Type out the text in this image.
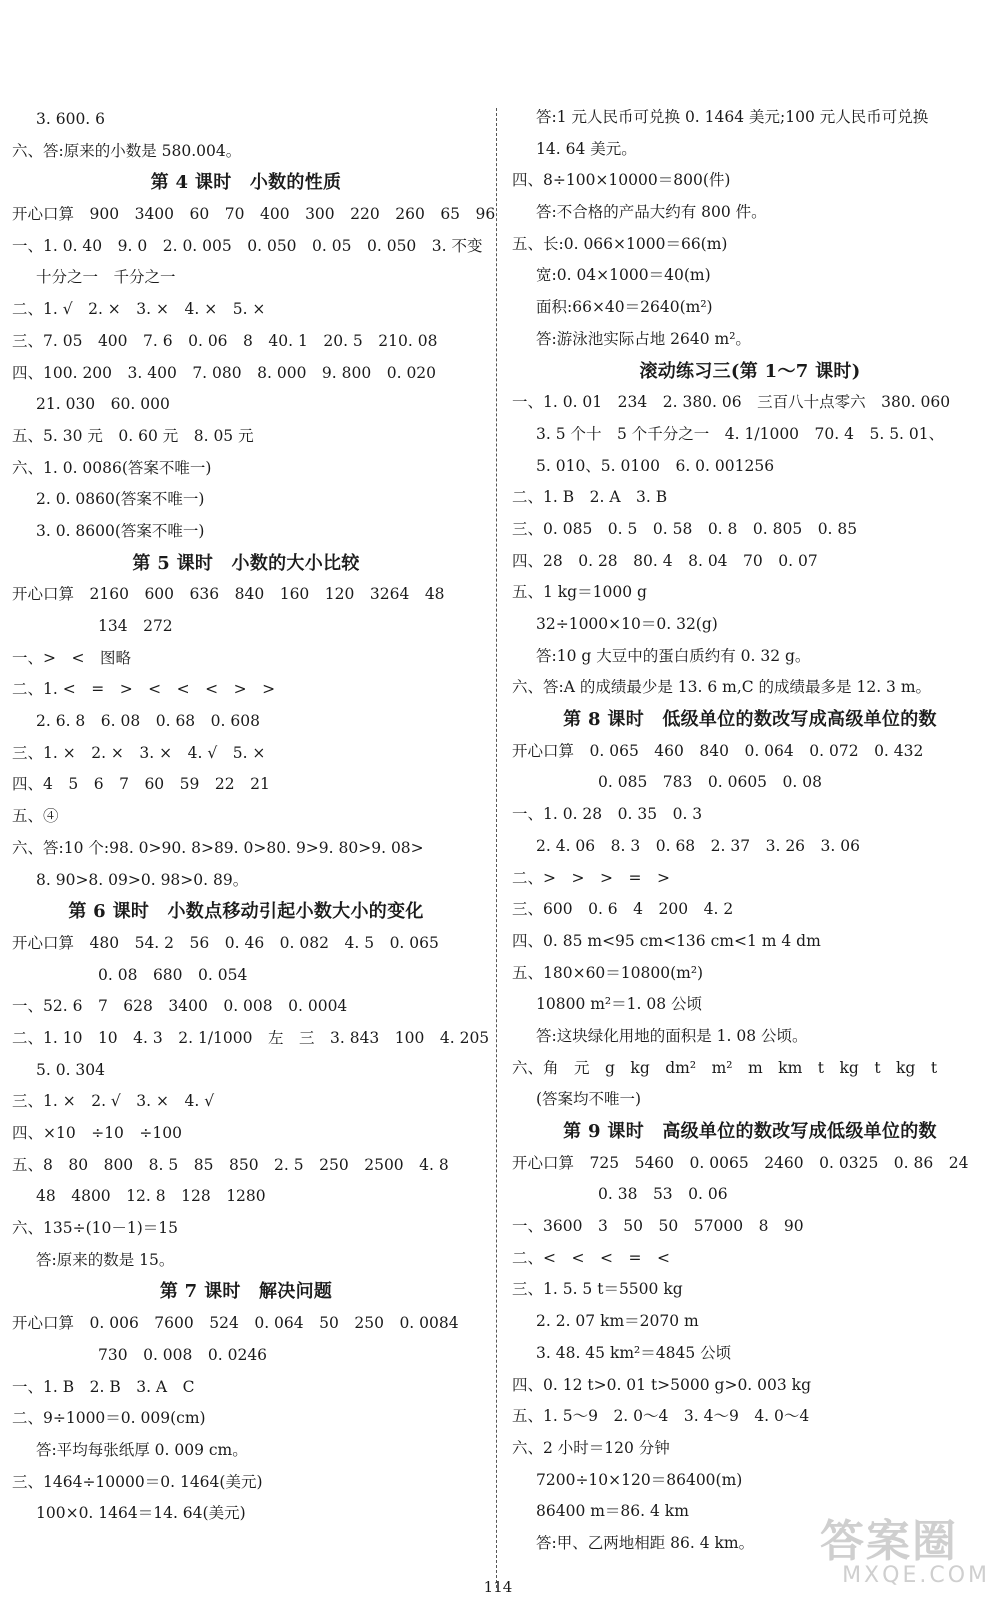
3. 600. 6
六、答:原来的小数是 580.004。
第 4 课时　小数的性质
开心口算　900　3400　60　70　400　300　220　260　65　96
一、1. 0. 40　9. 0　2. 0. 005　0. 050　0. 05　0. 050　3. 不变
十分之一　千分之一
二、1. √　2. ×　3. ×　4. ×　5. ×
三、7. 05　400　7. 6　0. 06　8　40. 1　20. 5　210. 08
四、100. 200　3. 400　7. 080　8. 000　9. 800　0. 020
21. 030　60. 000
五、5. 30 元　0. 60 元　8. 05 元
六、1. 0. 0086(答案不唯一)
2. 0. 0860(答案不唯一)
3. 0. 8600(答案不唯一)
第 5 课时　小数的大小比较
开心口算　2160　600　636　840　160　120　3264　48
134　272
一、>　<　图略
二、1. <　=　>　<　<　<　>　>
2. 6. 8　6. 08　0. 68　0. 608
三、1. ×　2. ×　3. ×　4. √　5. ×
四、4　5　6　7　60　59　22　21
五、④
六、答:10 个:98. 0>90. 8>89. 0>80. 9>9. 80>9. 08>
8. 90>8. 09>0. 98>0. 89。
第 6 课时　小数点移动引起小数大小的变化
开心口算　480　54. 2　56　0. 46　0. 082　4. 5　0. 065
0. 08　680　0. 054
一、52. 6　7　628　3400　0. 008　0. 0004
二、1. 10　10　4. 3　2. 1/1000　左　三　3. 843　100　4. 205
5. 0. 304
三、1. ×　2. √　3. ×　4. √
四、×10　÷10　÷100
五、8　80　800　8. 5　85　850　2. 5　250　2500　4. 8
48　4800　12. 8　128　1280
六、135÷(10－1)＝15
答:原来的数是 15。
第 7 课时　解决问题
开心口算　0. 006　7600　524　0. 064　50　250　0. 0084
730　0. 008　0. 0246
一、1. B　2. B　3. A　C
二、9÷1000＝0. 009(cm)
答:平均每张纸厚 0. 009 cm。
三、1464÷10000＝0. 1464(美元)
100×0. 1464＝14. 64(美元)
答:1 元人民币可兑换 0. 1464 美元;100 元人民币可兑换
14. 64 美元。
四、8÷100×10000＝800(件)
答:不合格的产品大约有 800 件。
五、长:0. 066×1000＝66(m)
宽:0. 04×1000＝40(m)
面积:66×40＝2640(m²)
答:游泳池实际占地 2640 m²。
滚动练习三(第 1～7 课时)
一、1. 0. 01　234　2. 380. 06　三百八十点零六　380. 060
3. 5 个十　5 个千分之一　4. 1/1000　70. 4　5. 5. 01、
5. 010、5. 0100　6. 0. 001256
二、1. B　2. A　3. B
三、0. 085　0. 5　0. 58　0. 8　0. 805　0. 85
四、28　0. 28　80. 4　8. 04　70　0. 07
五、1 kg＝1000 g
32÷1000×10＝0. 32(g)
答:10 g 大豆中的蛋白质约有 0. 32 g。
六、答:A 的成绩最少是 13. 6 m,C 的成绩最多是 12. 3 m。
第 8 课时　低级单位的数改写成高级单位的数
开心口算　0. 065　460　840　0. 064　0. 072　0. 432
0. 085　783　0. 0605　0. 08
一、1. 0. 28　0. 35　0. 3
2. 4. 06　8. 3　0. 68　2. 37　3. 26　3. 06
二、>　>　>　=　>
三、600　0. 6　4　200　4. 2
四、0. 85 m<95 cm<136 cm<1 m 4 dm
五、180×60＝10800(m²)
10800 m²＝1. 08 公顷
答:这块绿化用地的面积是 1. 08 公顷。
六、角　元　g　kg　dm²　m²　m　km　t　kg　t　kg　t
(答案均不唯一)
第 9 课时　高级单位的数改写成低级单位的数
开心口算　725　5460　0. 0065　2460　0. 0325　0. 86　24
0. 38　53　0. 06
一、3600　3　50　50　57000　8　90
二、<　<　<　=　<
三、1. 5. 5 t＝5500 kg
2. 2. 07 km＝2070 m
3. 48. 45 km²＝4845 公顷
四、0. 12 t>0. 01 t>5000 g>0. 003 kg
五、1. 5～9　2. 0～4　3. 4～9　4. 0～4
六、2 小时＝120 分钟
7200÷10×120＝86400(m)
86400 m＝86. 4 km
答:甲、乙两地相距 86. 4 km。
114
答案圈
MXQE.COM
